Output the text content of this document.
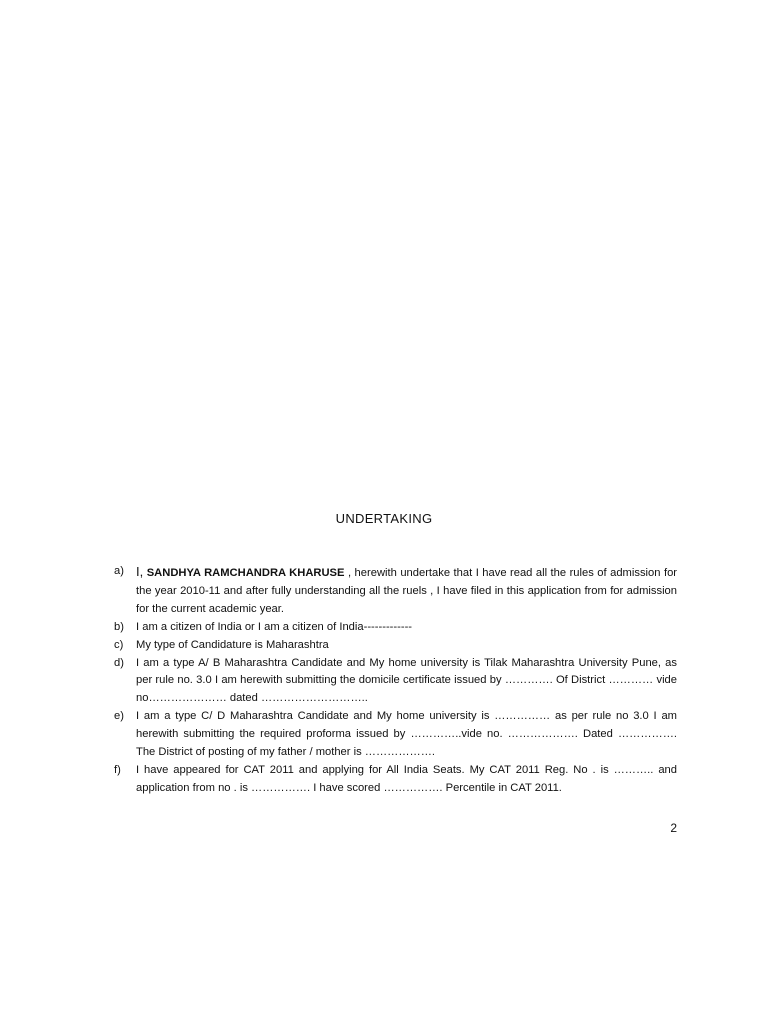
UNDERTAKING
a) I, SANDHYA RAMCHANDRA KHARUSE , herewith undertake that I have read all the rules of admission for the year 2010-11 and after fully understanding all the ruels , I have filed in this application from for admission for the current academic year.
b)	I am a citizen of India or I am a citizen of India-------------
c)	My type of Candidature is Maharashtra
d)	I am a type A/ B Maharashtra Candidate and My home university is Tilak Maharashtra University Pune, as per rule no. 3.0 I am herewith submitting the domicile certificate issued by …………. Of District ………… vide no………………… dated ………………………..
e)	I am a type C/ D Maharashtra Candidate and My home university is …………… as per rule no 3.0 I am herewith submitting the required proforma issued by …………..vide no. ………………. Dated ……………. The District of posting of my father / mother is ……………….
f)	I have appeared for CAT 2011 and applying for All India Seats. My CAT 2011 Reg. No . is ……….. and application from no . is ……………. I have scored ……………. Percentile in CAT 2011.
2
